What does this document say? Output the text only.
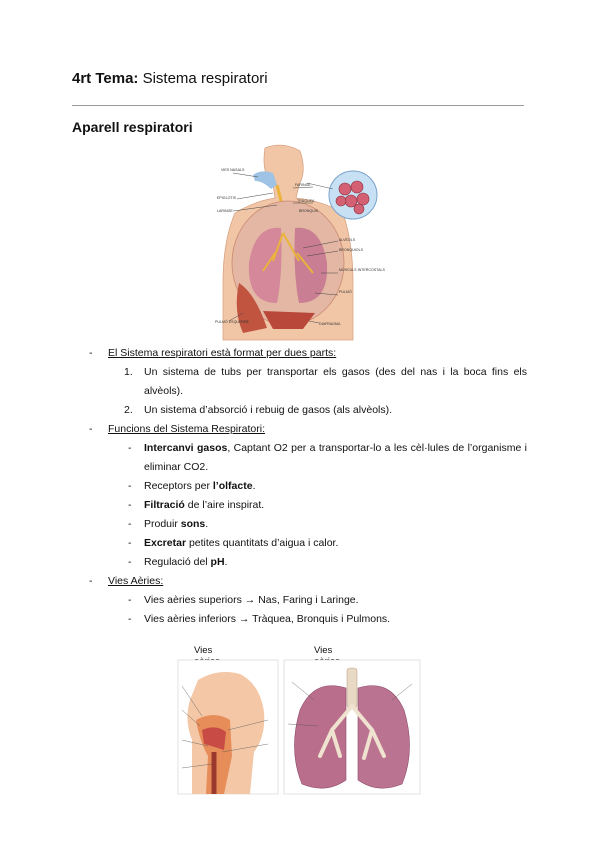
4rt Tema: Sistema respiratori
Aparell respiratori
VIES NASALS
FARINGE
EPIGLOTIS
TRÀQUEA
LARINGE	BRONQUIS
ALVÈOLS
BRONQUIOLS
MÚSCULS INTERCOSTALS
PULMÓ
DIAFRAGMA
PULMÓ ESQUERRE
- El Sistema respiratori està format per dues parts:
1. Un sistema de tubs per transportar els gasos (des del nas i la boca fins els alvèols).
2. Un sistema d’absorció i rebuig de gasos (als alvèols).
- Funcions del Sistema Respiratori:
- Intercanvi gasos, Captant O2 per a transportar-lo a les cèl·lules de l’organisme i eliminar CO2.
- Receptors per l’olfacte.
- Filtració de l’aire inspirat.
- Produir sons.
- Excretar petites quantitats d’aigua i calor.
- Regulació del pH.
- Vies Aèries:
- Vies aèries superiors → Nas, Faring i Laringe.
- Vies aèries inferiors → Tràquea, Bronquis i Pulmons.
Vies	Vies
